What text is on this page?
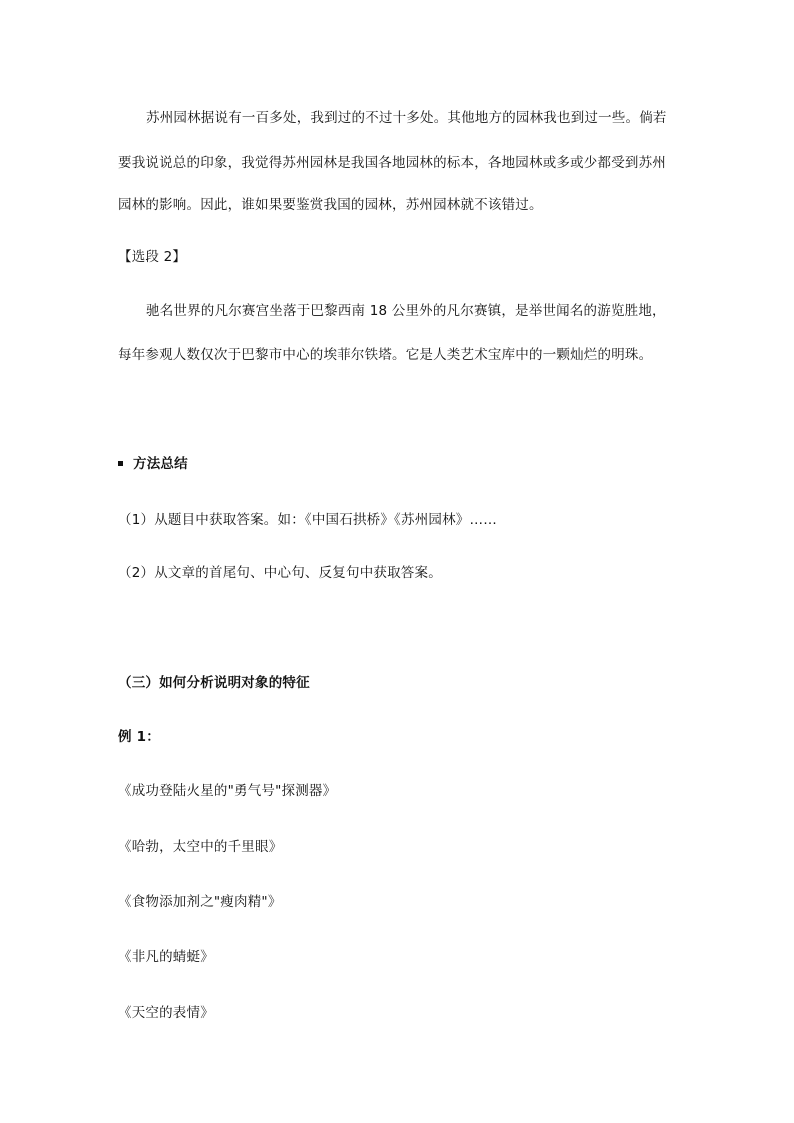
苏州园林据说有一百多处，我到过的不过十多处。其他地方的园林我也到过一些。倘若
要我说说总的印象，我觉得苏州园林是我国各地园林的标本，各地园林或多或少都受到苏州
园林的影响。因此，谁如果要鉴赏我国的园林，苏州园林就不该错过。
【选段 2】
驰名世界的凡尔赛宫坐落于巴黎西南 18 公里外的凡尔赛镇，是举世闻名的游览胜地，
每年参观人数仅次于巴黎市中心的埃菲尔铁塔。它是人类艺术宝库中的一颗灿烂的明珠。
方法总结
（1）从题目中获取答案。如：《中国石拱桥》《苏州园林》……
（2）从文章的首尾句、中心句、反复句中获取答案。
（三）如何分析说明对象的特征
例 1：
《成功登陆火星的"勇气号"探测器》
《哈勃，太空中的千里眼》
《食物添加剂之"瘦肉精"》
《非凡的蜻蜓》
《天空的表情》
